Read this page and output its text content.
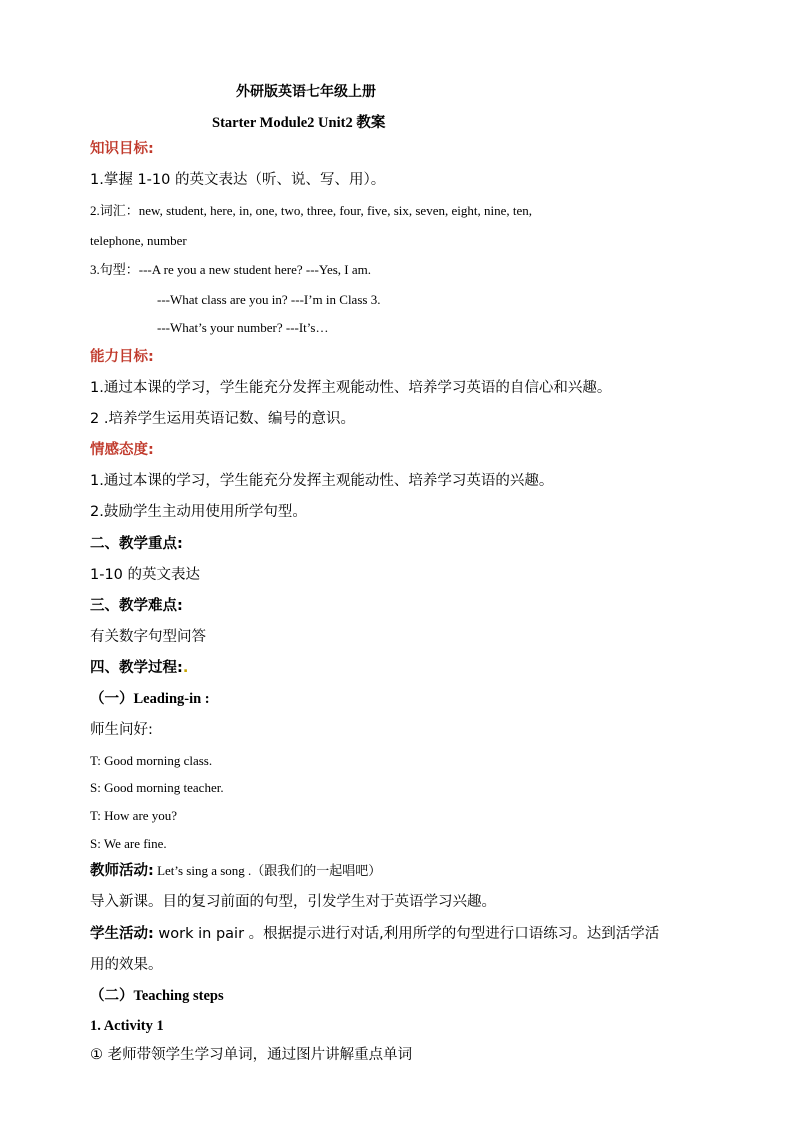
外研版英语七年级上册
Starter Module2 Unit2 教案
知识目标:
1.掌握 1-10 的英文表达（听、说、写、用）。
2.词汇：new, student, here, in, one, two, three, four, five, six, seven, eight, nine, ten,
telephone, number
3.句型：---A re you a new student here? ---Yes, I am.
---What class are you in? ---I’m in Class 3.
---What’s your number? ---It’s…
能力目标:
1.通过本课的学习，学生能充分发挥主观能动性、培养学习英语的自信心和兴趣。
2 .培养学生运用英语记数、编号的意识。
情感态度:
1.通过本课的学习，学生能充分发挥主观能动性、培养学习英语的兴趣。
2.鼓励学生主动用使用所学句型。
二、教学重点:
1-10 的英文表达
三、教学难点:
有关数字句型问答
四、教学过程:.
（一）Leading-in :
师生问好:
T: Good morning class.
S: Good morning teacher.
T: How are you?
S: We are fine.
教师活动: Let’s sing a song .（跟我们的一起唱吧）
导入新课。目的复习前面的句型，引发学生对于英语学习兴趣。
学生活动: work in pair 。根据提示进行对话,利用所学的句型进行口语练习。达到活学活
用的效果。
（二）Teaching steps
1. Activity 1
① 老师带领学生学习单词，通过图片讲解重点单词
